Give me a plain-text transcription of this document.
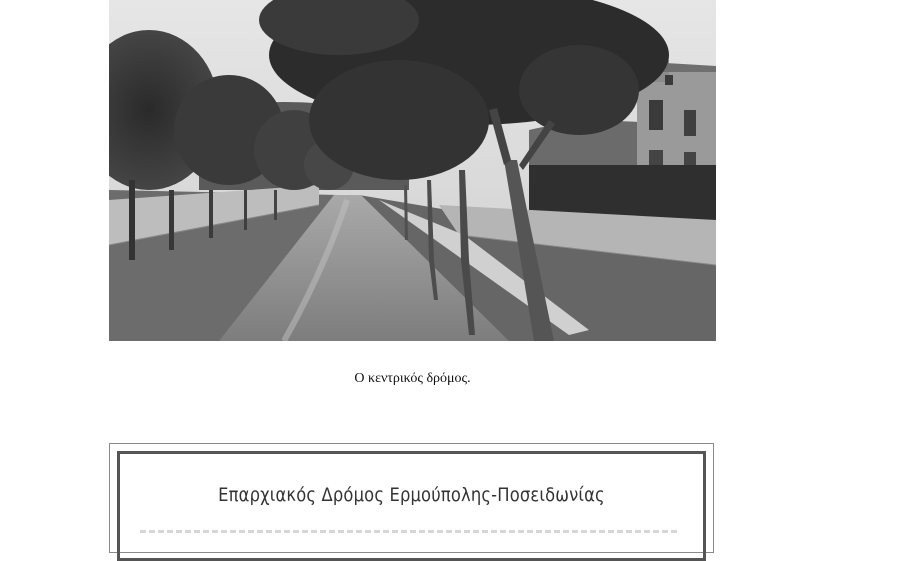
Ο κεντρικός δρόμος.
Επαρχιακός Δρόμος Ερμούπολης-Ποσειδωνίας
